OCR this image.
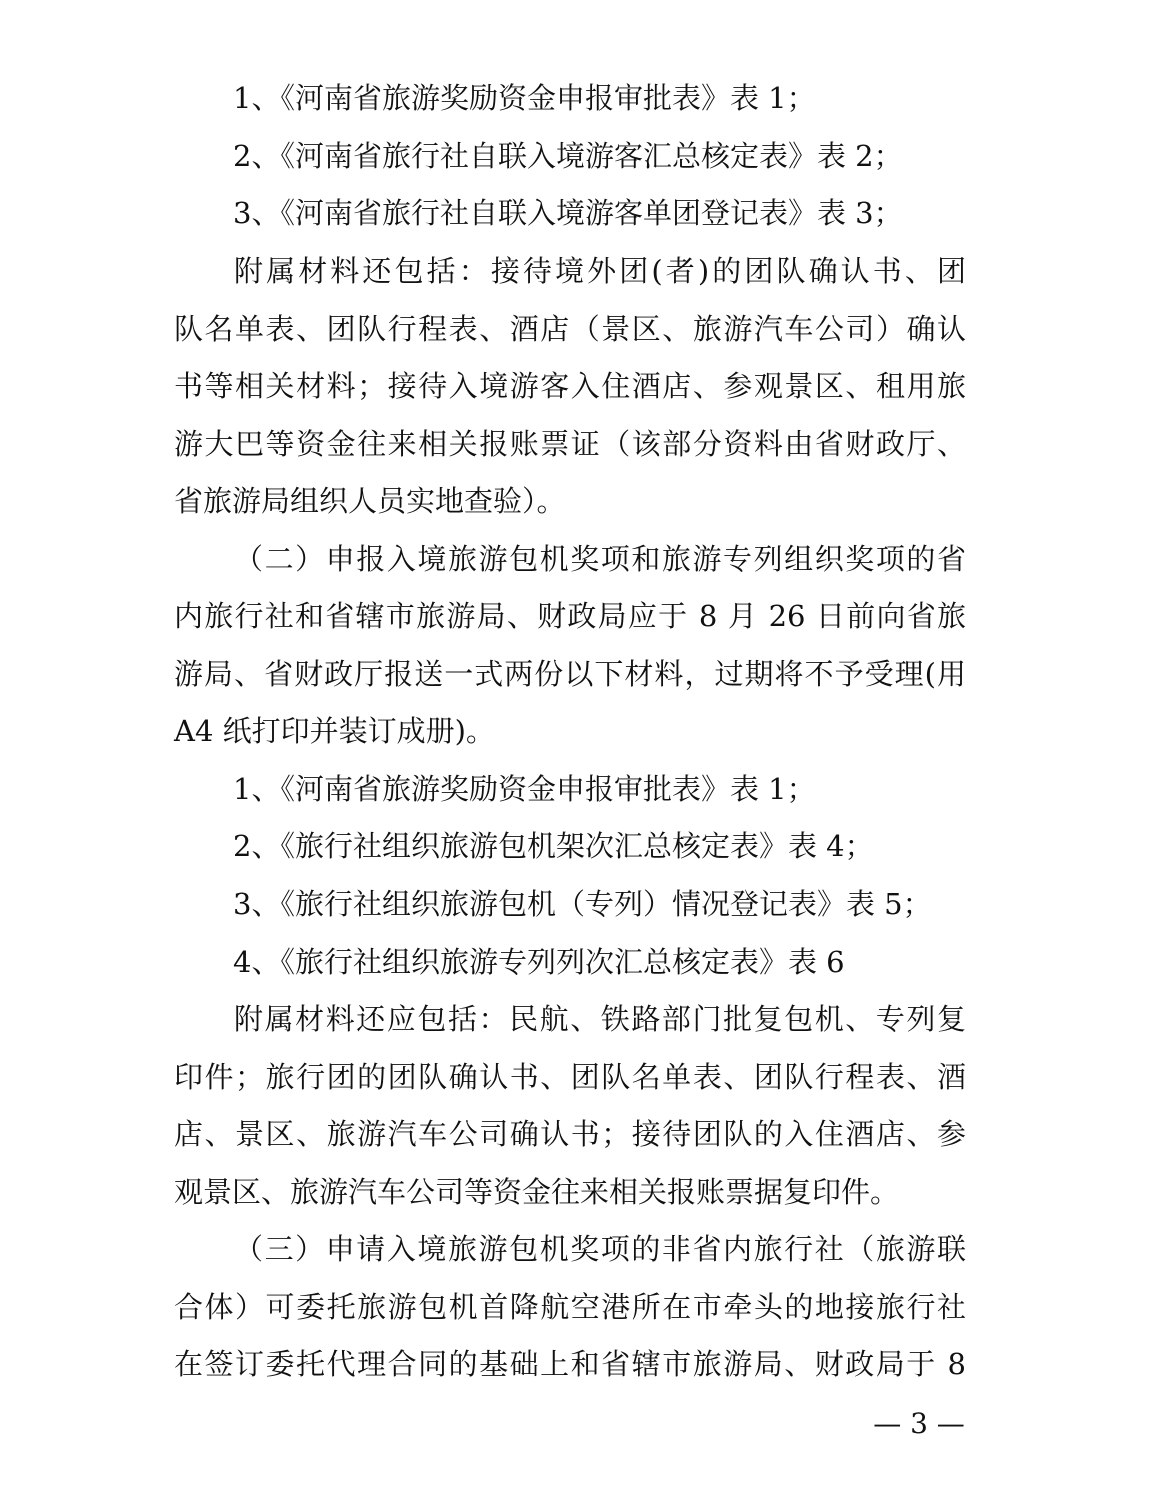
1、《河南省旅游奖励资金申报审批表》表 1；
2、《河南省旅行社自联入境游客汇总核定表》表 2；
3、《河南省旅行社自联入境游客单团登记表》表 3；
附属材料还包括：接待境外团(者)的团队确认书、团
队名单表、团队行程表、酒店（景区、旅游汽车公司）确认
书等相关材料；接待入境游客入住酒店、参观景区、租用旅
游大巴等资金往来相关报账票证（该部分资料由省财政厅、
省旅游局组织人员实地查验）。
（二）申报入境旅游包机奖项和旅游专列组织奖项的省
内旅行社和省辖市旅游局、财政局应于 8 月 26 日前向省旅
游局、省财政厅报送一式两份以下材料，过期将不予受理(用
A4 纸打印并装订成册)。
1、《河南省旅游奖励资金申报审批表》表 1；
2、《旅行社组织旅游包机架次汇总核定表》表 4；
3、《旅行社组织旅游包机（专列）情况登记表》表 5；
4、《旅行社组织旅游专列列次汇总核定表》表 6
附属材料还应包括：民航、铁路部门批复包机、专列复
印件；旅行团的团队确认书、团队名单表、团队行程表、酒
店、景区、旅游汽车公司确认书；接待团队的入住酒店、参
观景区、旅游汽车公司等资金往来相关报账票据复印件。
（三）申请入境旅游包机奖项的非省内旅行社（旅游联
合体）可委托旅游包机首降航空港所在市牵头的地接旅行社
在签订委托代理合同的基础上和省辖市旅游局、财政局于 8
— 3 —
